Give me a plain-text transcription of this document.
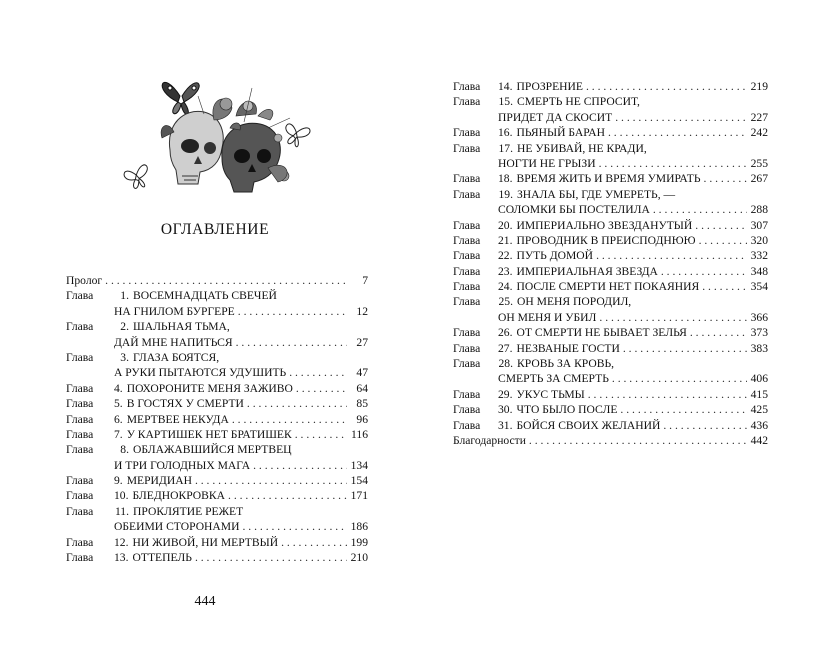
ОГЛАВЛЕНИЕ
Пролог . . .	7
Глава	1. ВОСЕМНАДЦАТЬ СВЕЧЕЙ
НА ГНИЛОМ БУРГЕРЕ . . .	12
Глава	2. ШАЛЬНАЯ ТЬМА,
ДАЙ МНЕ НАПИТЬСЯ . . .	27
Глава	3. ГЛАЗА БОЯТСЯ,
А РУКИ ПЫТАЮТСЯ УДУШИТЬ . . .	47
Глава	4. ПОХОРОНИТЕ МЕНЯ ЗАЖИВО . . .	64
Глава	5. В ГОСТЯХ У СМЕРТИ . . .	85
Глава	6. МЕРТВЕЕ НЕКУДА . . .	96
Глава	7. У КАРТИШЕК НЕТ БРАТИШЕК . . .	116
Глава	8. ОБЛАЖАВШИЙСЯ МЕРТВЕЦ
И ТРИ ГОЛОДНЫХ МАГА . . .	134
Глава	9. МЕРИДИАН . . .	154
Глава	10. БЛЕДНОКРОВКА . . .	171
Глава	11. ПРОКЛЯТИЕ РЕЖЕТ
ОБЕИМИ СТОРОНАМИ . . .	186
Глава	12. НИ ЖИВОЙ, НИ МЕРТВЫЙ . . .	199
Глава	13. ОТТЕПЕЛЬ . . .	210
444
Глава	14. ПРОЗРЕНИЕ . . .	219
Глава	15. СМЕРТЬ НЕ СПРОСИТ,
ПРИДЕТ ДА СКОСИТ . . .	227
Глава	16. ПЬЯНЫЙ БАРАН . . .	242
Глава	17. НЕ УБИВАЙ, НЕ КРАДИ,
НОГТИ НЕ ГРЫЗИ . . .	255
Глава	18. ВРЕМЯ ЖИТЬ И ВРЕМЯ УМИРАТЬ . . .	267
Глава	19. ЗНАЛА БЫ, ГДЕ УМЕРЕТЬ, —
СОЛОМКИ БЫ ПОСТЕЛИЛА . . .	288
Глава	20. ИМПЕРИАЛЬНО ЗВЕЗДАНУТЫЙ . . .	307
Глава	21. ПРОВОДНИК В ПРЕИСПОДНЮЮ . . .	320
Глава	22. ПУТЬ ДОМОЙ . . .	332
Глава	23. ИМПЕРИАЛЬНАЯ ЗВЕЗДА . . .	348
Глава	24. ПОСЛЕ СМЕРТИ НЕТ ПОКАЯНИЯ . . .	354
Глава	25. ОН МЕНЯ ПОРОДИЛ,
ОН МЕНЯ И УБИЛ . . .	366
Глава	26. ОТ СМЕРТИ НЕ БЫВАЕТ ЗЕЛЬЯ . . .	373
Глава	27. НЕЗВАНЫЕ ГОСТИ . . .	383
Глава	28. КРОВЬ ЗА КРОВЬ,
СМЕРТЬ ЗА СМЕРТЬ . . .	406
Глава	29. УКУС ТЬМЫ . . .	415
Глава	30. ЧТО БЫЛО ПОСЛЕ . . .	425
Глава	31. БОЙСЯ СВОИХ ЖЕЛАНИЙ . . .	436
Благодарности . . .	442
